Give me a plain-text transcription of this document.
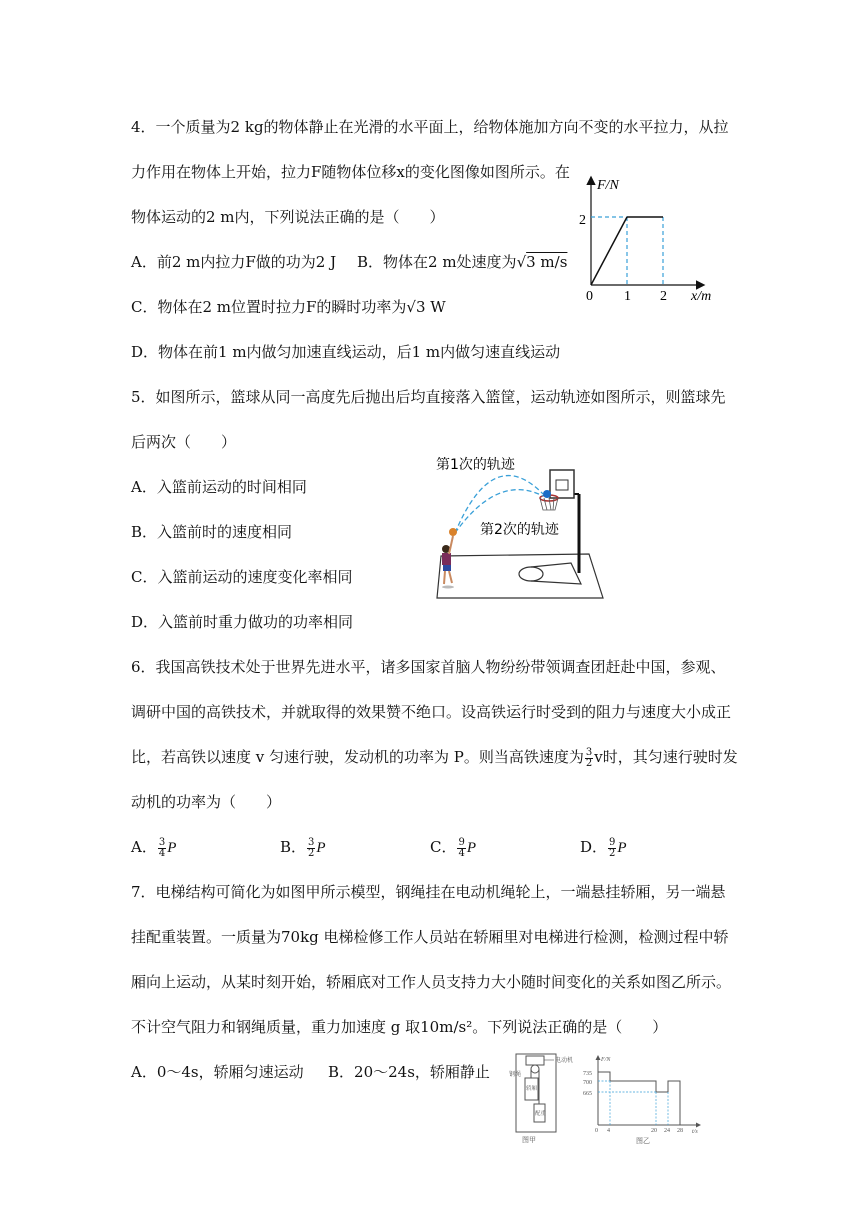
4．一个质量为2 kg的物体静止在光滑的水平面上，给物体施加方向不变的水平拉力，从拉
力作用在物体上开始，拉力F随物体位移x的变化图像如图所示。在
物体运动的2 m内，下列说法正确的是（　　）
A．前2 m内拉力F做的功为2 J B．物体在2 m处速度为√3 m/s
C．物体在2 m位置时拉力F的瞬时功率为√3 W
D．物体在前1 m内做匀加速直线运动，后1 m内做匀速直线运动
F/N
x/m
2
0 1 2
5．如图所示，篮球从同一高度先后抛出后均直接落入篮筐，运动轨迹如图所示，则篮球先
后两次（　　）
A．入篮前运动的时间相同
B．入篮前时的速度相同
C．入篮前运动的速度变化率相同
D．入篮前时重力做功的功率相同
第1次的轨迹
第2次的轨迹
6．我国高铁技术处于世界先进水平，诸多国家首脑人物纷纷带领调查团赶赴中国，参观、
调研中国的高铁技术，并就取得的效果赞不绝口。设高铁运行时受到的阻力与速度大小成正
比，若高铁以速度 v 匀速行驶，发动机的功率为 P。则当高铁速度为 $\frac{3}{2}$ v时，其匀速行驶时发
动机的功率为（　　）
A． $\frac{3}{4}$ P	B． $\frac{3}{2}$ P	C． $\frac{9}{4}$ P	D． $\frac{9}{2}$ P
7．电梯结构可简化为如图甲所示模型，钢绳挂在电动机绳轮上，一端悬挂轿厢，另一端悬
挂配重装置。一质量为70kg 电梯检修工作人员站在轿厢里对电梯进行检测，检测过程中轿
厢向上运动，从某时刻开始，轿厢底对工作人员支持力大小随时间变化的关系如图乙所示。
不计空气阻力和钢绳质量，重力加速度 g 取10m/s²。下列说法正确的是（　　）
A．0～4s，轿厢匀速运动 B．20～24s，轿厢静止
电动机
钢绳
轿厢
配重
图甲
F/N
t/s
735
700
665
0 4	20 24 28
图乙
